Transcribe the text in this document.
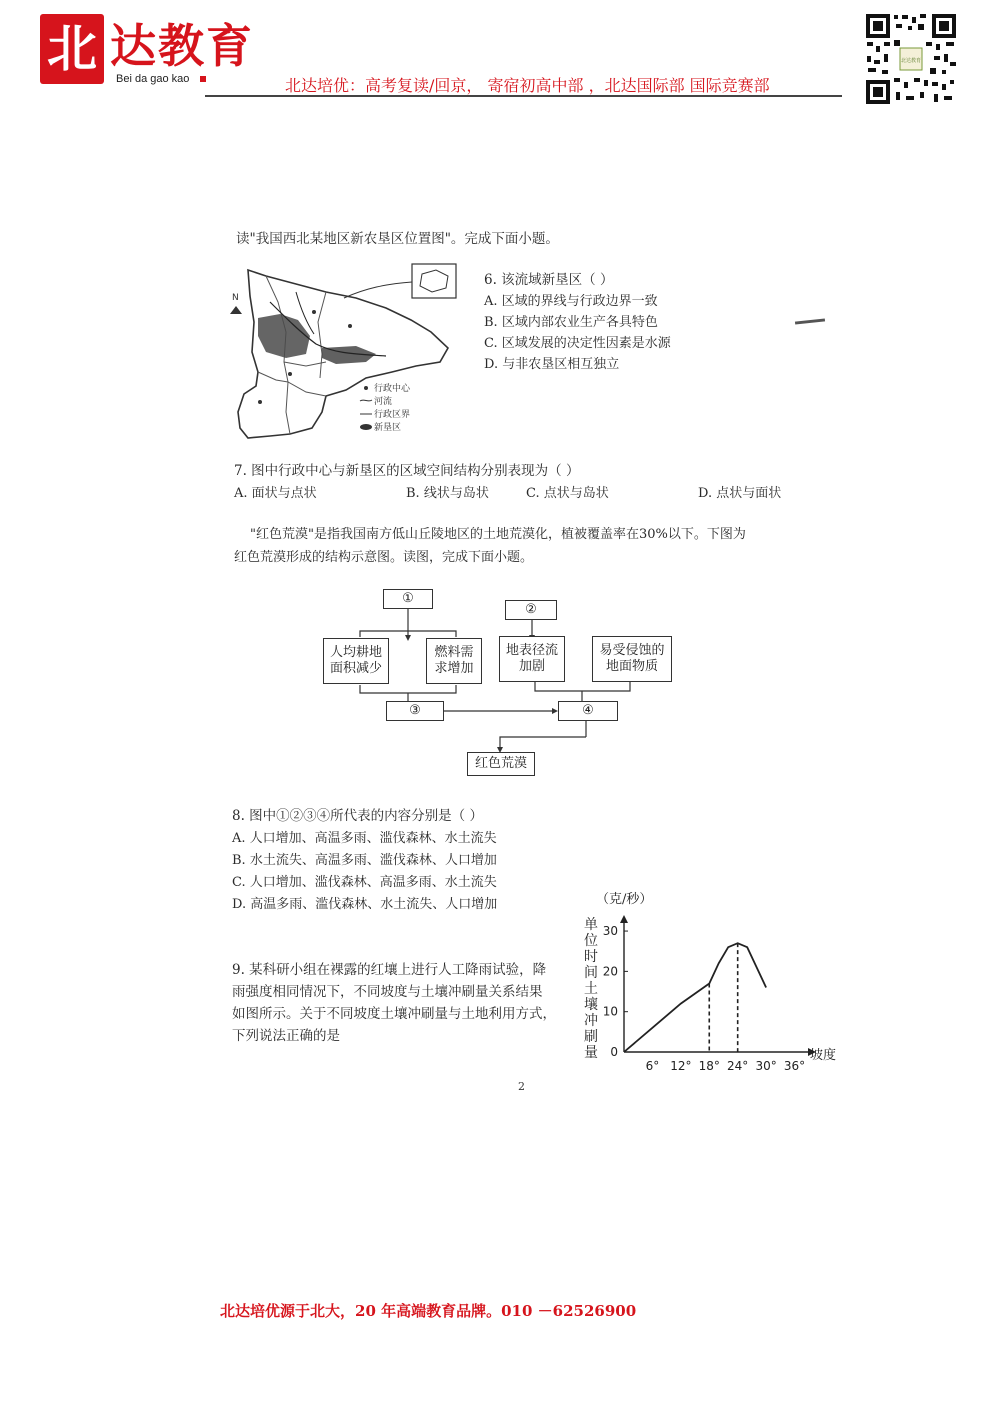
北 达教育
Bei da gao kao	北达培优：高考复读/回京， 寄宿初高中部 ，北达国际部 国际竞赛部
北达教育
读"我国西北某地区新农垦区位置图"。完成下面小题。
N
行政中心
河流
行政区界
新垦区
6. 该流域新垦区（ ）
A. 区域的界线与行政边界一致
B. 区域内部农业生产各具特色
C. 区域发展的决定性因素是水源
D. 与非农垦区相互独立
7. 图中行政中心与新垦区的区域空间结构分别表现为（ ）
A. 面状与点状	B. 线状与岛状	C. 点状与岛状	D. 点状与面状
"红色荒漠"是指我国南方低山丘陵地区的土地荒漠化，植被覆盖率在30%以下。下图为
红色荒漠形成的结构示意图。读图，完成下面小题。
①
②
人均耕地
面积减少
燃料需
求增加
地表径流
加剧
易受侵蚀的
地面物质
③	④
红色荒漠
8. 图中①②③④所代表的内容分别是（ ）
A. 人口增加、高温多雨、滥伐森林、水土流失
B. 水土流失、高温多雨、滥伐森林、人口增加
C. 人口增加、滥伐森林、高温多雨、水土流失
D. 高温多雨、滥伐森林、水土流失、人口增加
9. 某科研小组在裸露的红壤上进行人工降雨试验，降
雨强度相同情况下，不同坡度与土壤冲刷量关系结果
如图所示。关于不同坡度土壤冲刷量与土地利用方式，
下列说法正确的是
（克/秒）
单
位
时
间
土
壤
冲
刷
量	坡度
6° 12° 18° 24° 30° 36°
0
10
20
30
2
北达培优源于北大，20 年高端教育品牌。010 －62526900
